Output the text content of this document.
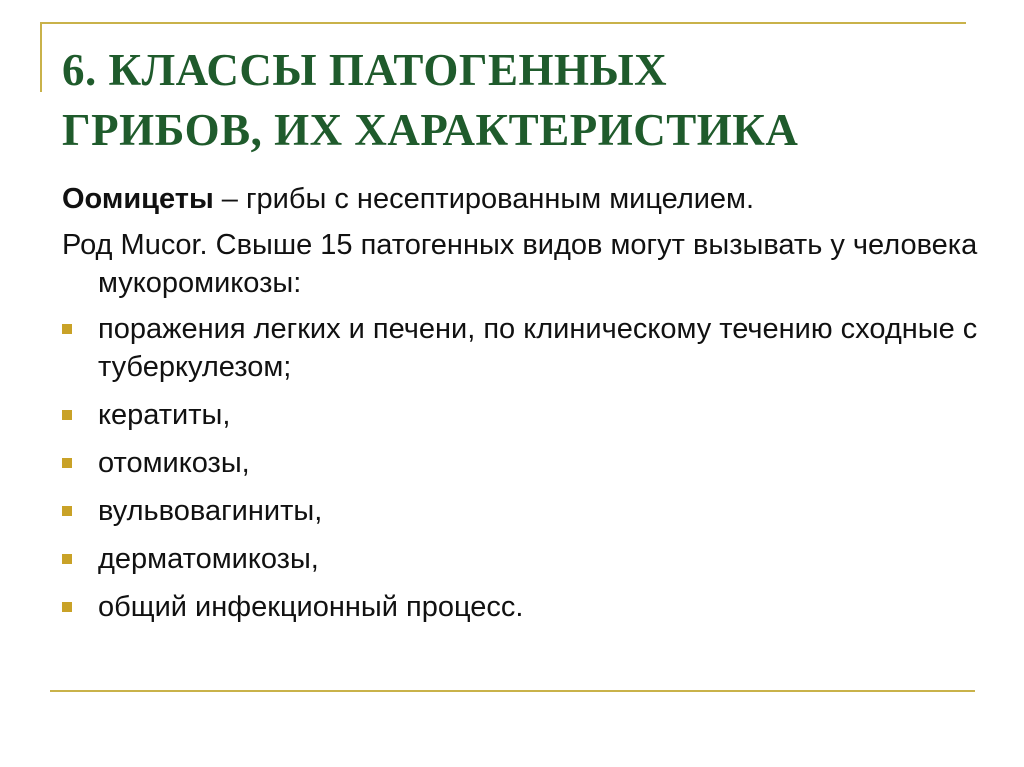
6. КЛАССЫ ПАТОГЕННЫХ
ГРИБОВ, ИХ ХАРАКТЕРИСТИКА

Оомицеты – грибы с несептированным мицелием.

Род Mucor. Свыше 15 патогенных видов могут вызывать у человека мукоромикозы:

поражения легких и печени, по клиническому течению сходные с туберкулезом;
кератиты,
отомикозы,
вульвовагиниты,
дерматомикозы,
общий инфекционный процесс.
